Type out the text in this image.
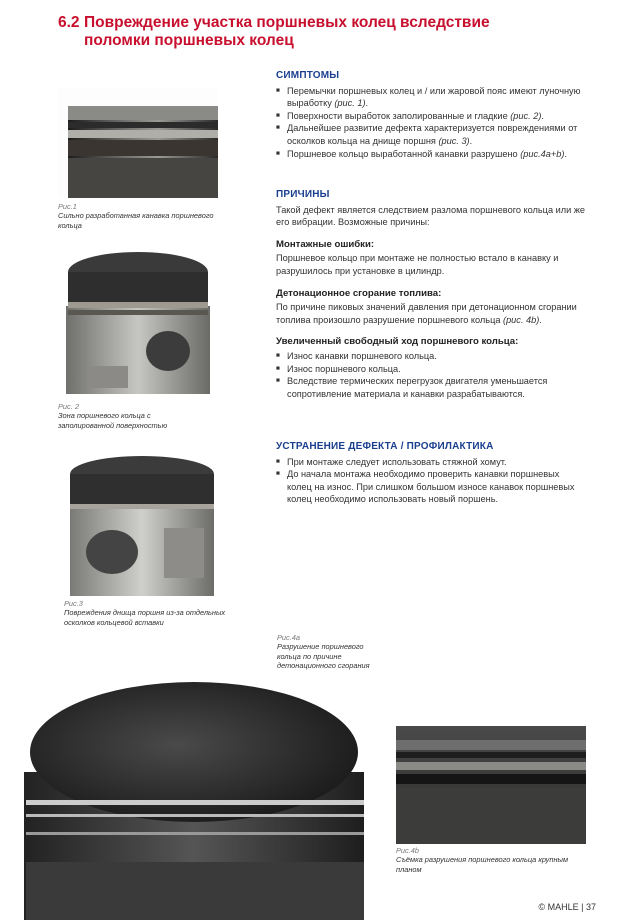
6.2 Повреждение участка поршневых колец вследствие
поломки поршневых колец
СИМПТОМЫ
■ Перемычки поршневых колец и / или жаровой пояс имеют луночную выработку (рис. 1).
■ Поверхности выработок заполированные и гладкие (рис. 2).
■ Дальнейшее развитие дефекта характеризуется повреждениями от осколков кольца на днище поршня (рис. 3).
■ Поршневое кольцо выработанной канавки разрушено (рис.4a+b).
ПРИЧИНЫ

Такой дефект является следствием разлома поршневого кольца или же его вибрации. Возможные причины:

Монтажные ошибки:

Поршневое кольцо при монтаже не полностью встало в канавку и разрушилось при установке в цилиндр.

Детонационное сгорание топлива:

По причине пиковых значений давления при детонационном сгорании топлива произошло разрушение поршневого кольца (рис. 4b).

Увеличенный свободный ход поршневого кольца:
■ Износ канавки поршневого кольца.
■ Износ поршневого кольца.
■ Вследствие термических перегрузок двигателя уменьшается сопротивление материала и канавки разрабатываются.
УСТРАНЕНИЕ ДЕФЕКТА / ПРОФИЛАКТИКА
■ При монтаже следует использовать стяжной хомут.
■ До начала монтажа необходимо проверить канавки поршневых колец на износ. При слишком большом износе канавок поршневых колец необходимо использовать новый поршень.
Рис.1
Сильно разработанная канавка поршневого кольца
Рис. 2
Зона поршневого кольца с заполированной поверхностью
Рис.3
Повреждения днища поршня из-за отдельных осколков кольцевой вставки
Рис.4a
Разрушение поршневого кольца по причине детонационного сгорания
Рис.4b
Съёмка разрушения поршневого кольца крупным планом
© MAHLE | 37
